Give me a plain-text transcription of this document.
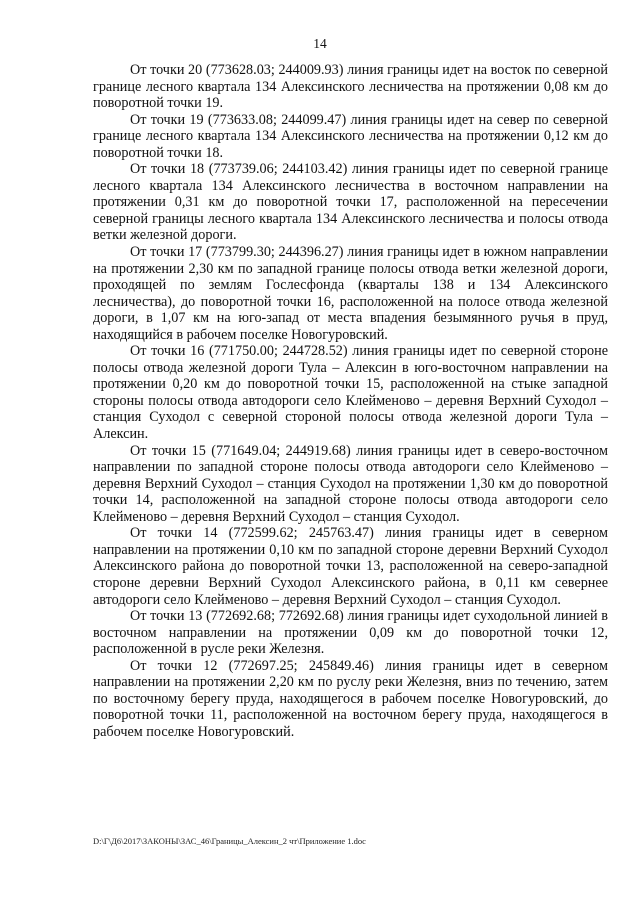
14

От точки 20 (773628.03; 244009.93) линия границы идет на восток по северной границе лесного квартала 134 Алексинского лесничества на протяжении 0,08 км до поворотной точки 19.

От точки 19 (773633.08; 244099.47) линия границы идет на север по северной границе лесного квартала 134 Алексинского лесничества на протяжении 0,12 км до поворотной точки 18.

От точки 18 (773739.06; 244103.42) линия границы идет по северной границе лесного квартала 134 Алексинского лесничества в восточном направлении на протяжении 0,31 км до поворотной точки 17, расположенной на пересечении северной границы лесного квартала 134 Алексинского лесничества и полосы отвода ветки железной дороги.

От точки 17 (773799.30; 244396.27) линия границы идет в южном направлении на протяжении 2,30 км по западной границе полосы отвода ветки железной дороги, проходящей по землям Гослесфонда (кварталы 138 и 134 Алексинского лесничества), до поворотной точки 16, расположенной на полосе отвода железной дороги, в 1,07 км на юго-запад от места впадения безымянного ручья в пруд, находящийся в рабочем поселке Новогуровский.

От точки 16 (771750.00; 244728.52) линия границы идет по северной стороне полосы отвода железной дороги Тула – Алексин в юго-восточном направлении на протяжении 0,20 км до поворотной точки 15, расположенной на стыке западной стороны полосы отвода автодороги село Клейменово – деревня Верхний Суходол – станция Суходол с северной стороной полосы отвода железной дороги Тула – Алексин.

От точки 15 (771649.04; 244919.68) линия границы идет в северо-восточном направлении по западной стороне полосы отвода автодороги село Клейменово – деревня Верхний Суходол – станция Суходол на протяжении 1,30 км до поворотной точки 14, расположенной на западной стороне полосы отвода автодороги село Клейменово – деревня Верхний Суходол – станция Суходол.

От точки 14 (772599.62; 245763.47) линия границы идет в северном направлении на протяжении 0,10 км по западной стороне деревни Верхний Суходол Алексинского района до поворотной точки 13, расположенной на северо-западной стороне деревни Верхний Суходол Алексинского района, в 0,11 км севернее автодороги село Клейменово – деревня Верхний Суходол – станция Суходол.

От точки 13 (772692.68; 772692.68) линия границы идет суходольной линией в восточном направлении на протяжении 0,09 км до поворотной точки 12, расположенной в русле реки Железня.

От точки 12 (772697.25; 245849.46) линия границы идет в северном направлении на протяжении 2,20 км по руслу реки Железня, вниз по течению, затем по восточному берегу пруда, находящегося в рабочем поселке Новогуровский, до поворотной точки 11, расположенной на восточном берегу пруда, находящегося в рабочем поселке Новогуровский.

D:\Г\Д6\2017\ЗАКОНЫ\ЗАС_46\Границы_Алексин_2 чт\Приложение 1.doc
